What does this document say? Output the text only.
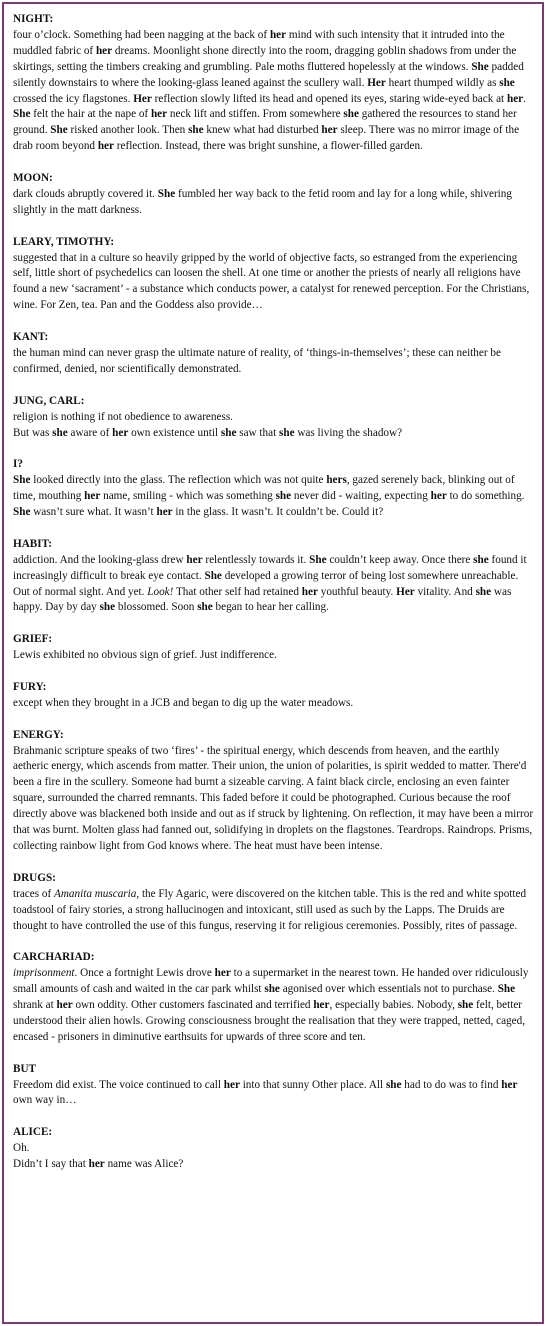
NIGHT:
four o’clock. Something had been nagging at the back of her mind with such intensity that it intruded into the muddled fabric of her dreams. Moonlight shone directly into the room, dragging goblin shadows from under the skirtings, setting the timbers creaking and grumbling. Pale moths fluttered hopelessly at the windows. She padded silently downstairs to where the looking-glass leaned against the scullery wall. Her heart thumped wildly as she crossed the icy flagstones. Her reflection slowly lifted its head and opened its eyes, staring wide-eyed back at her. She felt the hair at the nape of her neck lift and stiffen. From somewhere she gathered the resources to stand her ground. She risked another look. Then she knew what had disturbed her sleep. There was no mirror image of the drab room beyond her reflection. Instead, there was bright sunshine, a flower-filled garden.
MOON:
dark clouds abruptly covered it. She fumbled her way back to the fetid room and lay for a long while, shivering slightly in the matt darkness.
LEARY, TIMOTHY:
suggested that in a culture so heavily gripped by the world of objective facts, so estranged from the experiencing self, little short of psychedelics can loosen the shell. At one time or another the priests of nearly all religions have found a new ‘sacrament’ - a substance which conducts power, a catalyst for renewed perception. For the Christians, wine. For Zen, tea. Pan and the Goddess also provide…
KANT:
the human mind can never grasp the ultimate nature of reality, of ‘things-in-themselves’; these can neither be confirmed, denied, nor scientifically demonstrated.
JUNG, CARL:
religion is nothing if not obedience to awareness.
But was she aware of her own existence until she saw that she was living the shadow?
I?
She looked directly into the glass. The reflection which was not quite hers, gazed serenely back, blinking out of time, mouthing her name, smiling - which was something she never did - waiting, expecting her to do something. She wasn’t sure what. It wasn’t her in the glass. It wasn’t. It couldn’t be. Could it?
HABIT:
addiction. And the looking-glass drew her relentlessly towards it. She couldn’t keep away. Once there she found it increasingly difficult to break eye contact. She developed a growing terror of being lost somewhere unreachable. Out of normal sight. And yet. Look! That other self had retained her youthful beauty. Her vitality. And she was happy. Day by day she blossomed. Soon she began to hear her calling.
GRIEF:
Lewis exhibited no obvious sign of grief. Just indifference.
FURY:
except when they brought in a JCB and began to dig up the water meadows.
ENERGY:
Brahmanic scripture speaks of two ‘fires’ - the spiritual energy, which descends from heaven, and the earthly aetheric energy, which ascends from matter. Their union, the union of polarities, is spirit wedded to matter. There'd been a fire in the scullery. Someone had burnt a sizeable carving. A faint black circle, enclosing an even fainter square, surrounded the charred remnants. This faded before it could be photographed. Curious because the roof directly above was blackened both inside and out as if struck by lightening. On reflection, it may have been a mirror that was burnt. Molten glass had fanned out, solidifying in droplets on the flagstones. Teardrops. Raindrops. Prisms, collecting rainbow light from God knows where. The heat must have been intense.
DRUGS:
traces of Amanita muscaria, the Fly Agaric, were discovered on the kitchen table. This is the red and white spotted toadstool of fairy stories, a strong hallucinogen and intoxicant, still used as such by the Lapps. The Druids are thought to have controlled the use of this fungus, reserving it for religious ceremonies. Possibly, rites of passage.
CARCHARIAD:
imprisonment. Once a fortnight Lewis drove her to a supermarket in the nearest town. He handed over ridiculously small amounts of cash and waited in the car park whilst she agonised over which essentials not to purchase. She shrank at her own oddity. Other customers fascinated and terrified her, especially babies. Nobody, she felt, better understood their alien howls. Growing consciousness brought the realisation that they were trapped, netted, caged, encased - prisoners in diminutive earthsuits for upwards of three score and ten.
BUT
Freedom did exist. The voice continued to call her into that sunny Other place. All she had to do was to find her own way in…
ALICE:
Oh.
Didn’t I say that her name was Alice?
